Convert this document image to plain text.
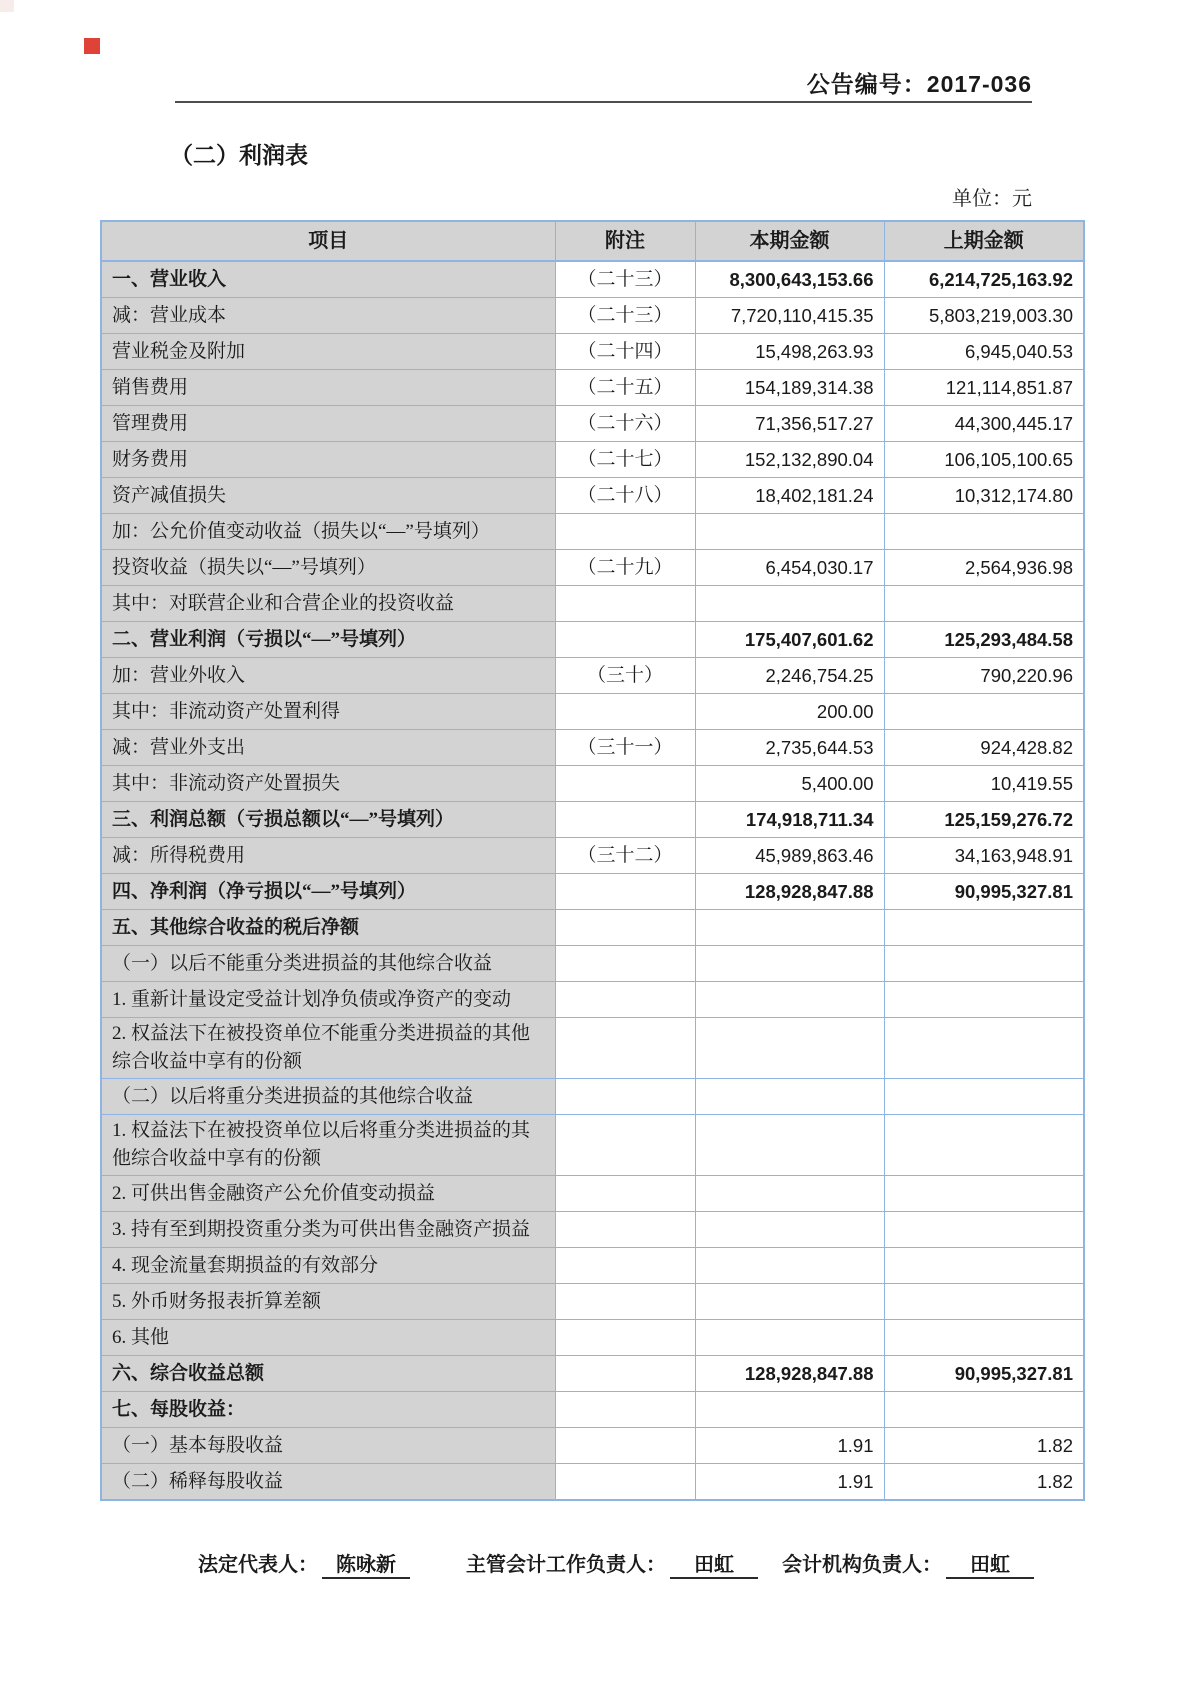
公告编号：2017-036
（二）利润表
单位：元
项目	附注	本期金额	上期金额
一、营业收入	（二十三）	8,300,643,153.66	6,214,725,163.92
减：营业成本	（二十三）	7,720,110,415.35	5,803,219,003.30
营业税金及附加	（二十四）	15,498,263.93	6,945,040.53
销售费用	（二十五）	154,189,314.38	121,114,851.87
管理费用	（二十六）	71,356,517.27	44,300,445.17
财务费用	（二十七）	152,132,890.04	106,105,100.65
资产减值损失	（二十八）	18,402,181.24	10,312,174.80
加：公允价值变动收益（损失以“—”号填列）			
投资收益（损失以“—”号填列）	（二十九）	6,454,030.17	2,564,936.98
其中：对联营企业和合营企业的投资收益			
二、营业利润（亏损以“—”号填列）		175,407,601.62	125,293,484.58
加：营业外收入	（三十）	2,246,754.25	790,220.96
其中：非流动资产处置利得		200.00	
减：营业外支出	（三十一）	2,735,644.53	924,428.82
其中：非流动资产处置损失		5,400.00	10,419.55
三、利润总额（亏损总额以“—”号填列）		174,918,711.34	125,159,276.72
减：所得税费用	（三十二）	45,989,863.46	34,163,948.91
四、净利润（净亏损以“—”号填列）		128,928,847.88	90,995,327.81
五、其他综合收益的税后净额			
（一）以后不能重分类进损益的其他综合收益			
1. 重新计量设定受益计划净负债或净资产的变动			
2. 权益法下在被投资单位不能重分类进损益的其他综合收益中享有的份额			
（二）以后将重分类进损益的其他综合收益			
1. 权益法下在被投资单位以后将重分类进损益的其他综合收益中享有的份额			
2. 可供出售金融资产公允价值变动损益			
3. 持有至到期投资重分类为可供出售金融资产损益			
4. 现金流量套期损益的有效部分			
5. 外币财务报表折算差额			
6. 其他			
六、综合收益总额		128,928,847.88	90,995,327.81
七、每股收益：			
（一）基本每股收益		1.91	1.82
（二）稀释每股收益		1.91	1.82
法定代表人： 陈咏新	主管会计工作负责人： 田虹	会计机构负责人： 田虹
